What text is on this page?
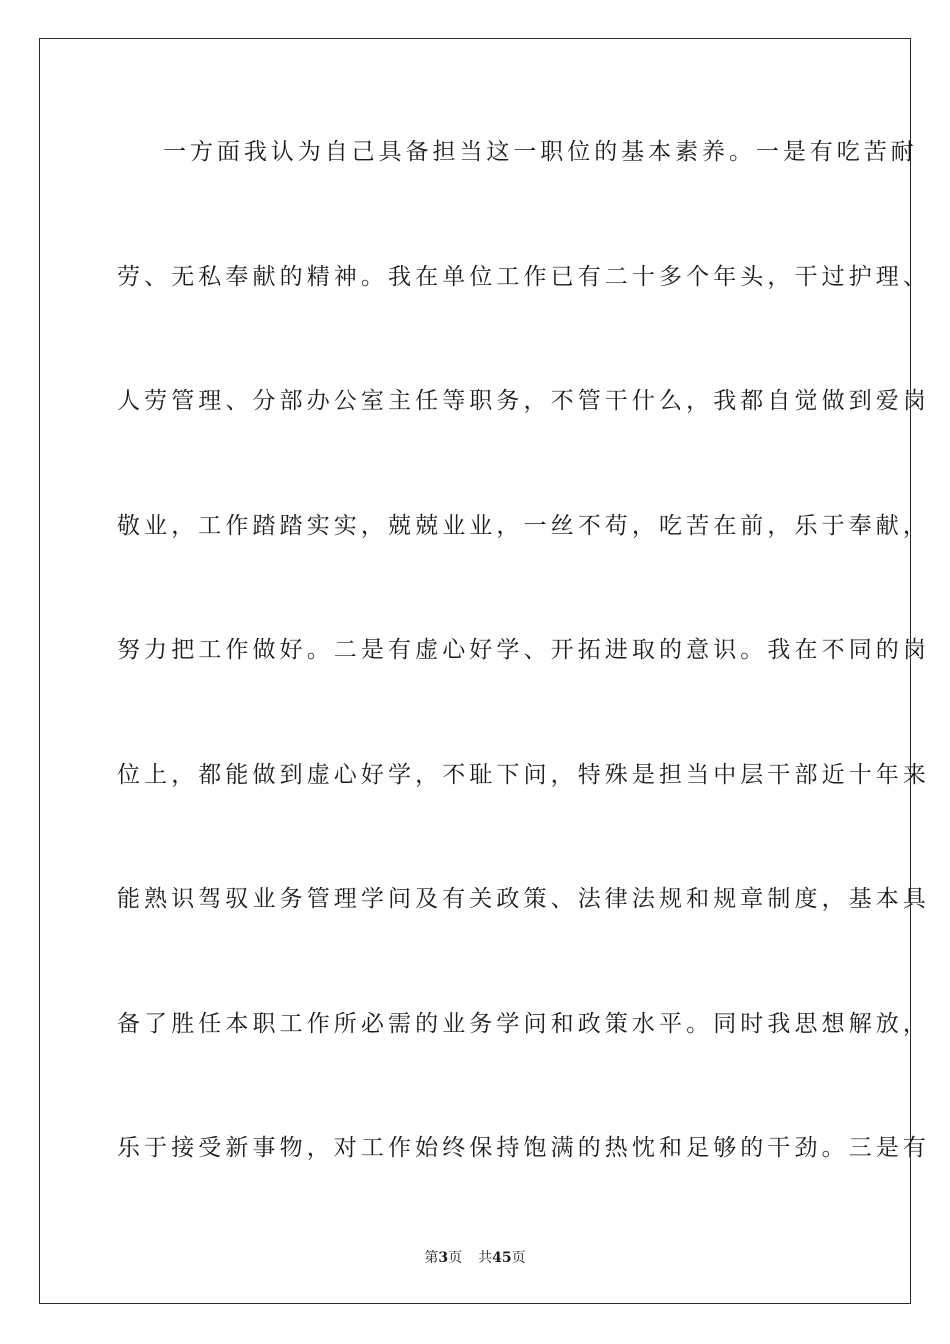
一方面我认为自己具备担当这一职位的基本素养。一是有吃苦耐
劳、无私奉献的精神。我在单位工作已有二十多个年头，干过护理、
人劳管理、分部办公室主任等职务，不管干什么，我都自觉做到爱岗
敬业，工作踏踏实实，兢兢业业，一丝不苟，吃苦在前，乐于奉献，
努力把工作做好。二是有虚心好学、开拓进取的意识。我在不同的岗
位上，都能做到虚心好学，不耻下问，特殊是担当中层干部近十年来
能熟识驾驭业务管理学问及有关政策、法律法规和规章制度，基本具
备了胜任本职工作所必需的业务学问和政策水平。同时我思想解放，
乐于接受新事物，对工作始终保持饱满的热忱和足够的干劲。三是有
第3页 共45页
